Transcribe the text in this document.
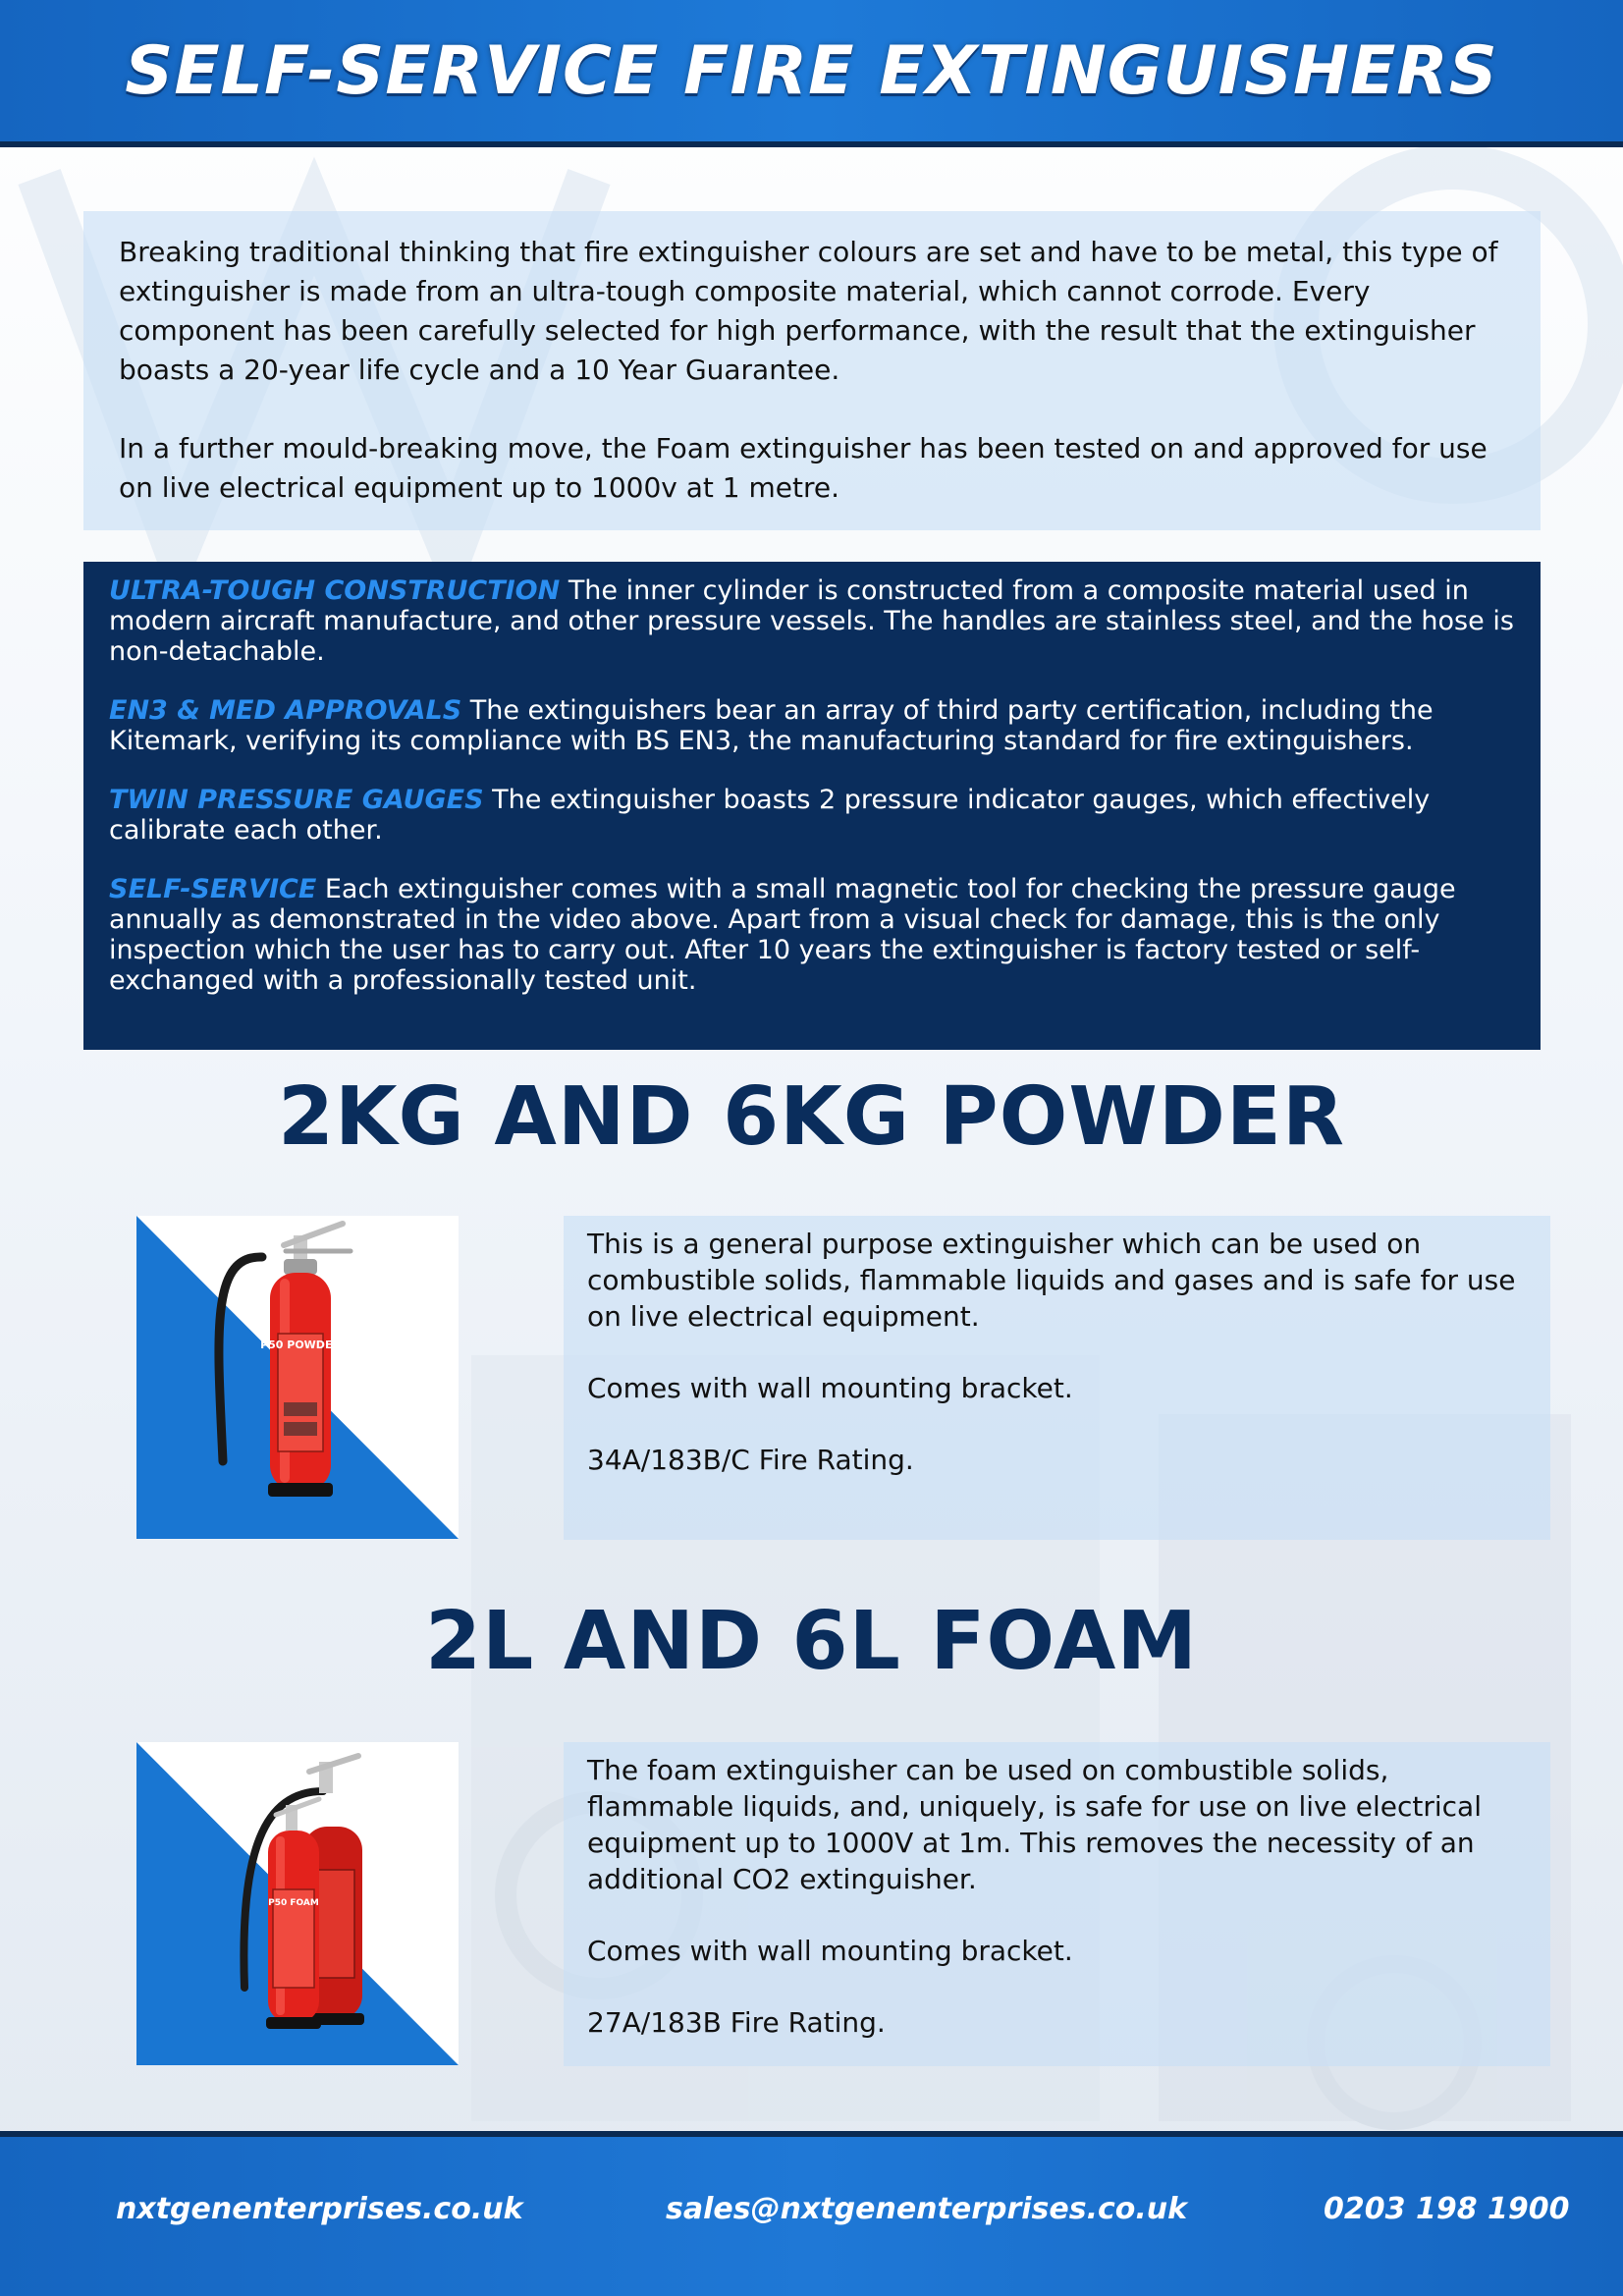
SELF-SERVICE FIRE EXTINGUISHERS

Breaking traditional thinking that fire extinguisher colours are set and have to be metal, this type of extinguisher is made from an ultra-tough composite material, which cannot corrode. Every component has been carefully selected for high performance, with the result that the extinguisher boasts a 20-year life cycle and a 10 Year Guarantee.

In a further mould-breaking move, the Foam extinguisher has been tested on and approved for use on live electrical equipment up to 1000v at 1 metre.

ULTRA-TOUGH CONSTRUCTION The inner cylinder is constructed from a composite material used in modern aircraft manufacture, and other pressure vessels. The handles are stainless steel, and the hose is non-detachable.

EN3 & MED APPROVALS The extinguishers bear an array of third party certification, including the Kitemark, verifying its compliance with BS EN3, the manufacturing standard for fire extinguishers.

TWIN PRESSURE GAUGES The extinguisher boasts 2 pressure indicator gauges, which effectively calibrate each other.

SELF-SERVICE Each extinguisher comes with a small magnetic tool for checking the pressure gauge annually as demonstrated in the video above. Apart from a visual check for damage, this is the only inspection which the user has to carry out. After 10 years the extinguisher is factory tested or self-exchanged with a professionally tested unit.

2KG AND 6KG POWDER
P50 POWDER

This is a general purpose extinguisher which can be used on combustible solids, flammable liquids and gases and is safe for use on live electrical equipment.

Comes with wall mounting bracket.

34A/183B/C Fire Rating.

2L AND 6L FOAM
P50 FOAM

The foam extinguisher can be used on combustible solids, flammable liquids, and, uniquely, is safe for use on live electrical equipment up to 1000V at 1m. This removes the necessity of an additional CO2 extinguisher.

Comes with wall mounting bracket.

27A/183B Fire Rating.

nxtgenenterprises.co.uk	sales@nxtgenenterprises.co.uk	0203 198 1900
